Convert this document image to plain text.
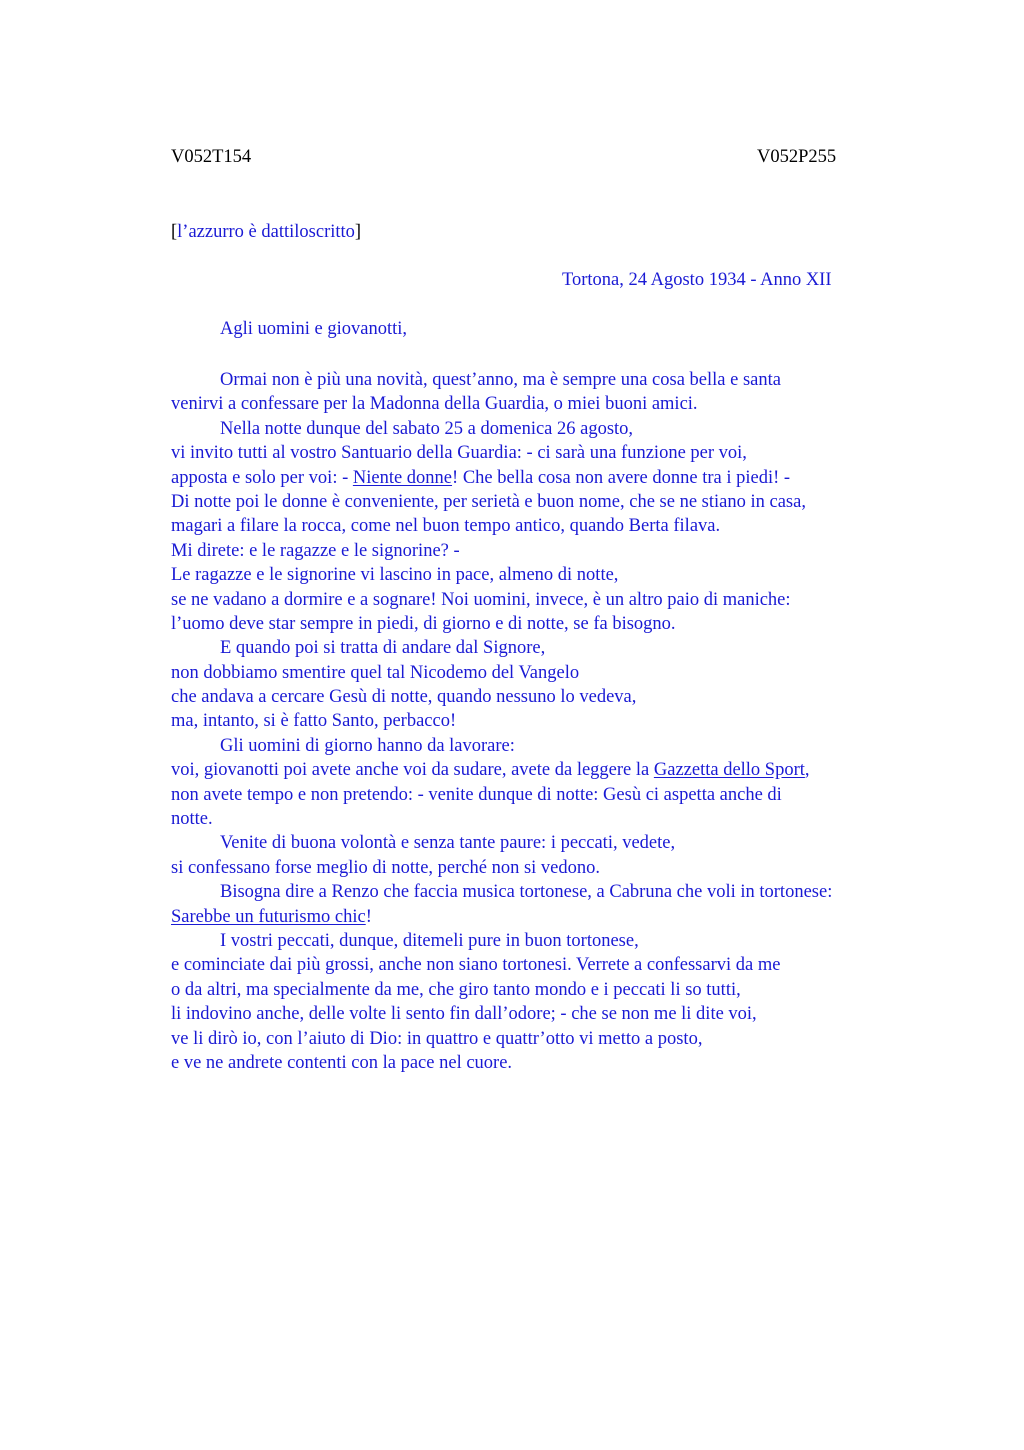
V052T154	V052P255
[l’azzurro è dattiloscritto]
Tortona, 24 Agosto 1934 - Anno XII
Agli uomini e giovanotti,
Ormai non è più una novità, quest’anno, ma è sempre una cosa bella e santa
venirvi a confessare per la Madonna della Guardia, o miei buoni amici.
Nella notte dunque del sabato 25 a domenica 26 agosto,
vi invito tutti al vostro Santuario della Guardia: - ci sarà una funzione per voi,
apposta e solo per voi: - Niente donne! Che bella cosa non avere donne tra i piedi! -
Di notte poi le donne è conveniente, per serietà e buon nome, che se ne stiano in casa,
magari a filare la rocca, come nel buon tempo antico, quando Berta filava.
Mi direte: e le ragazze e le signorine? -
Le ragazze e le signorine vi lascino in pace, almeno di notte,
se ne vadano a dormire e a sognare! Noi uomini, invece, è un altro paio di maniche:
l’uomo deve star sempre in piedi, di giorno e di notte, se fa bisogno.
E quando poi si tratta di andare dal Signore,
non dobbiamo smentire quel tal Nicodemo del Vangelo
che andava a cercare Gesù di notte, quando nessuno lo vedeva,
ma, intanto, si è fatto Santo, perbacco!
Gli uomini di giorno hanno da lavorare:
voi, giovanotti poi avete anche voi da sudare, avete da leggere la Gazzetta dello Sport,
non avete tempo e non pretendo: - venite dunque di notte: Gesù ci aspetta anche di
notte.
Venite di buona volontà e senza tante paure: i peccati, vedete,
si confessano forse meglio di notte, perché non si vedono.
Bisogna dire a Renzo che faccia musica tortonese, a Cabruna che voli in tortonese:
Sarebbe un futurismo chic!
I vostri peccati, dunque, ditemeli pure in buon tortonese,
e cominciate dai più grossi, anche non siano tortonesi. Verrete a confessarvi da me
o da altri, ma specialmente da me, che giro tanto mondo e i peccati li so tutti,
li indovino anche, delle volte li sento fin dall’odore; - che se non me li dite voi,
ve li dirò io, con l’aiuto di Dio: in quattro e quattr’otto vi metto a posto,
e ve ne andrete contenti con la pace nel cuore.
